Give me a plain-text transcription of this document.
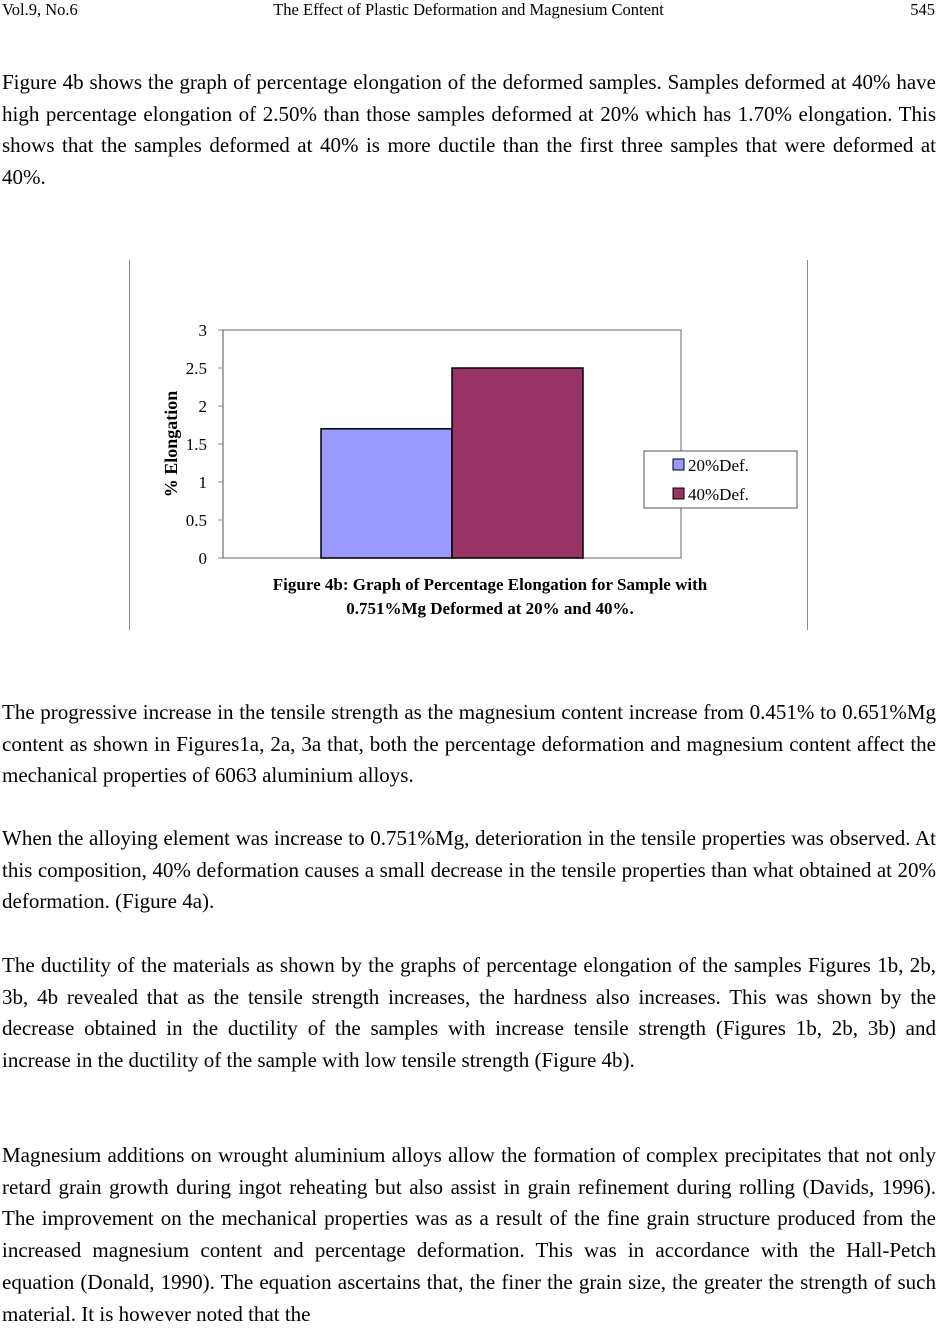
Vol.9, No.6	The Effect of Plastic Deformation and Magnesium Content	545

Figure 4b shows the graph of percentage elongation of the deformed samples. Samples deformed at 40% have high percentage elongation of 2.50% than those samples deformed at 20% which has 1.70% elongation. This shows that the samples deformed at 40% is more ductile than the first three samples that were deformed at 40%.

0
0.5
1
1.5
2
2.5
3
% Elongation	20%Def.
40%Def.
Figure 4b: Graph of Percentage Elongation for Sample with
0.751%Mg Deformed at 20% and 40%.

The progressive increase in the tensile strength as the magnesium content increase from 0.451% to 0.651%Mg content as shown in Figures1a, 2a, 3a that, both the percentage deformation and magnesium content affect the mechanical properties of 6063 aluminium alloys.

When the alloying element was increase to 0.751%Mg, deterioration in the tensile properties was observed. At this composition, 40% deformation causes a small decrease in the tensile properties than what obtained at 20% deformation. (Figure 4a).

The ductility of the materials as shown by the graphs of percentage elongation of the samples Figures 1b, 2b, 3b, 4b revealed that as the tensile strength increases, the hardness also increases. This was shown by the decrease obtained in the ductility of the samples with increase tensile strength (Figures 1b, 2b, 3b) and increase in the ductility of the sample with low tensile strength (Figure 4b).

Magnesium additions on wrought aluminium alloys allow the formation of complex precipitates that not only retard grain growth during ingot reheating but also assist in grain refinement during rolling (Davids, 1996). The improvement on the mechanical properties was as a result of the fine grain structure produced from the increased magnesium content and percentage deformation. This was in accordance with the Hall-Petch equation (Donald, 1990). The equation ascertains that, the finer the grain size, the greater the strength of such material. It is however noted that the
